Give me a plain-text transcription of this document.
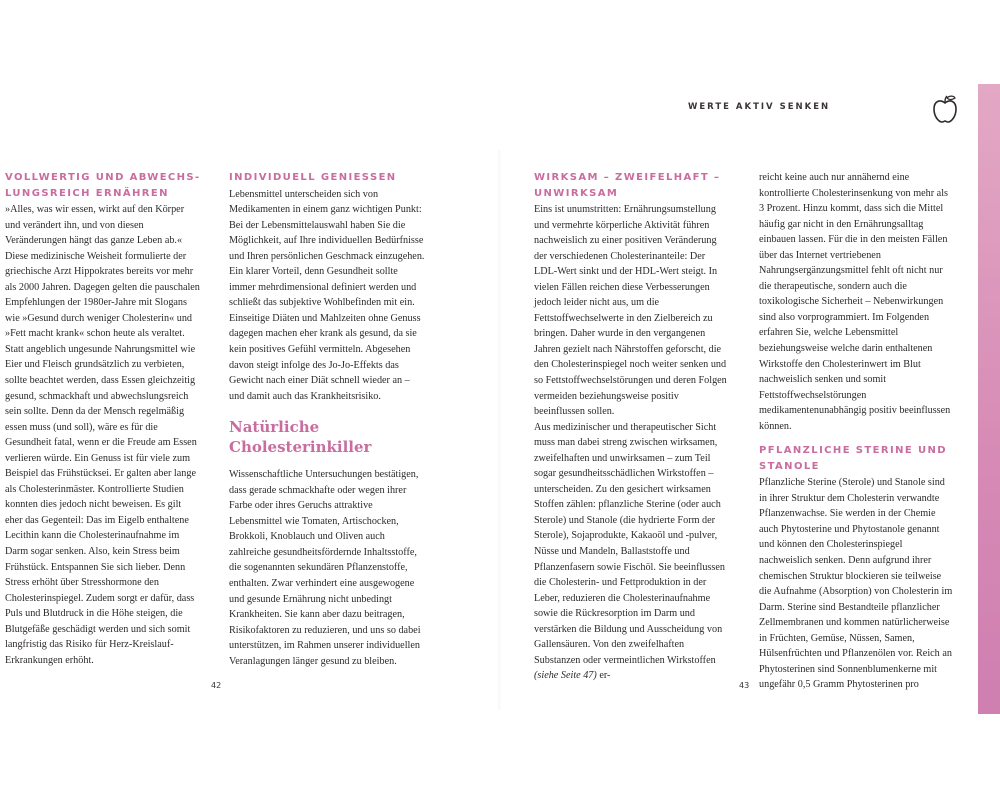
WERTE AKTIV SENKEN
VOLLWERTIG UND ABWECHS-
LUNGSREICH ERNÄHREN

»Alles, was wir essen, wirkt auf den Körper und verändert ihn, und von diesen Veränderungen hängt das ganze Leben ab.« Diese medizinische Weisheit formulierte der griechische Arzt Hippokrates bereits vor mehr als 2000 Jahren. Dagegen gelten die pauschalen Empfehlungen der 1980er-Jahre mit Slogans wie »Gesund durch weniger Cholesterin« und »Fett macht krank« schon heute als veraltet. Statt angeblich ungesunde Nahrungsmittel wie Eier und Fleisch grundsätzlich zu verbieten, sollte beachtet werden, dass Essen gleichzeitig gesund, schmackhaft und abwechslungsreich sein sollte. Denn da der Mensch regelmäßig essen muss (und soll), wäre es für die Gesundheit fatal, wenn er die Freude am Essen verlieren würde. Ein Genuss ist für viele zum Beispiel das Frühstücksei. Er galten aber lange als Cholesterinmäster. Kontrollierte Studien konnten dies jedoch nicht beweisen. Es gilt eher das Gegenteil: Das im Eigelb enthaltene Lecithin kann die Cholesterinaufnahme im Darm sogar senken. Also, kein Stress beim Frühstück. Entspannen Sie sich lieber. Denn Stress erhöht über Stresshormone den Cholesterinspiegel. Zudem sorgt er dafür, dass Puls und Blutdruck in die Höhe steigen, die Blutgefäße geschädigt werden und sich somit langfristig das Risiko für Herz-Kreislauf-Erkrankungen erhöht.

INDIVIDUELL GENIESSEN

Lebensmittel unterscheiden sich von Medikamenten in einem ganz wichtigen Punkt: Bei der Lebensmittelauswahl haben Sie die Möglichkeit, auf Ihre individuellen Bedürfnisse und Ihren persönlichen Geschmack einzugehen. Ein klarer Vorteil, denn Gesundheit sollte immer mehrdimensional definiert werden und schließt das subjektive Wohlbefinden mit ein. Einseitige Diäten und Mahlzeiten ohne Genuss dagegen machen eher krank als gesund, da sie kein positives Gefühl vermitteln. Abgesehen davon steigt infolge des Jo-Jo-Effekts das Gewicht nach einer Diät schnell wieder an – und damit auch das Krankheitsrisiko.

Natürliche Cholesterinkiller

Wissenschaftliche Untersuchungen bestätigen, dass gerade schmackhafte oder wegen ihrer Farbe oder ihres Geruchs attraktive Lebensmittel wie Tomaten, Artischocken, Brokkoli, Knoblauch und Oliven auch zahlreiche gesundheitsfördernde Inhaltsstoffe, die sogenannten sekundären Pflanzenstoffe, enthalten. Zwar verhindert eine ausgewogene und gesunde Ernährung nicht unbedingt Krankheiten. Sie kann aber dazu beitragen, Risikofaktoren zu reduzieren, und uns so dabei unterstützen, im Rahmen unserer individuellen Veranlagungen länger gesund zu bleiben.

42
WIRKSAM – ZWEIFELHAFT –
UNWIRKSAM

Eins ist unumstritten: Ernährungsumstellung und vermehrte körperliche Aktivität führen nachweislich zu einer positiven Veränderung der verschiedenen Cholesterinanteile: Der LDL-Wert sinkt und der HDL-Wert steigt. In vielen Fällen reichen diese Verbesserungen jedoch leider nicht aus, um die Fettstoffwechselwerte in den Zielbereich zu bringen. Daher wurde in den vergangenen Jahren gezielt nach Nährstoffen geforscht, die den Cholesterinspiegel noch weiter senken und so Fettstoffwechselstörungen und deren Folgen vermeiden beziehungsweise positiv beeinflussen sollen.

Aus medizinischer und therapeutischer Sicht muss man dabei streng zwischen wirksamen, zweifelhaften und unwirksamen – zum Teil sogar gesundheitsschädlichen Wirkstoffen – unterscheiden. Zu den gesichert wirksamen Stoffen zählen: pflanzliche Sterine (oder auch Sterole) und Stanole (die hydrierte Form der Sterole), Sojaprodukte, Kakaoöl und -pulver, Nüsse und Mandeln, Ballaststoffe und Pflanzenfasern sowie Fischöl. Sie beeinflussen die Cholesterin- und Fettproduktion in der Leber, reduzieren die Cholesterinaufnahme sowie die Rückresorption im Darm und verstärken die Bildung und Ausscheidung von Gallensäuren. Von den zweifelhaften Substanzen oder vermeintlichen Wirkstoffen (siehe Seite 47) er-

reicht keine auch nur annähernd eine kontrollierte Cholesterinsenkung von mehr als 3 Prozent. Hinzu kommt, dass sich die Mittel häufig gar nicht in den Ernährungsalltag einbauen lassen. Für die in den meisten Fällen über das Internet vertriebenen Nahrungsergänzungsmittel fehlt oft nicht nur die therapeutische, sondern auch die toxikologische Sicherheit – Nebenwirkungen sind also vorprogrammiert. Im Folgenden erfahren Sie, welche Lebensmittel beziehungsweise welche darin enthaltenen Wirkstoffe den Cholesterinwert im Blut nachweislich senken und somit Fettstoffwechselstörungen medikamentenunabhängig positiv beeinflussen können.

PFLANZLICHE STERINE UND
STANOLE

Pflanzliche Sterine (Sterole) und Stanole sind in ihrer Struktur dem Cholesterin verwandte Pflanzenwachse. Sie werden in der Chemie auch Phytosterine und Phytostanole genannt und können den Cholesterinspiegel nachweislich senken. Denn aufgrund ihrer chemischen Struktur blockieren sie teilweise die Aufnahme (Absorption) von Cholesterin im Darm. Sterine sind Bestandteile pflanzlicher Zellmembranen und kommen natürlicherweise in Früchten, Gemüse, Nüssen, Samen, Hülsenfrüchten und Pflanzenölen vor. Reich an Phytosterinen sind Sonnenblumenkerne mit ungefähr 0,5 Gramm Phytosterinen pro

43
